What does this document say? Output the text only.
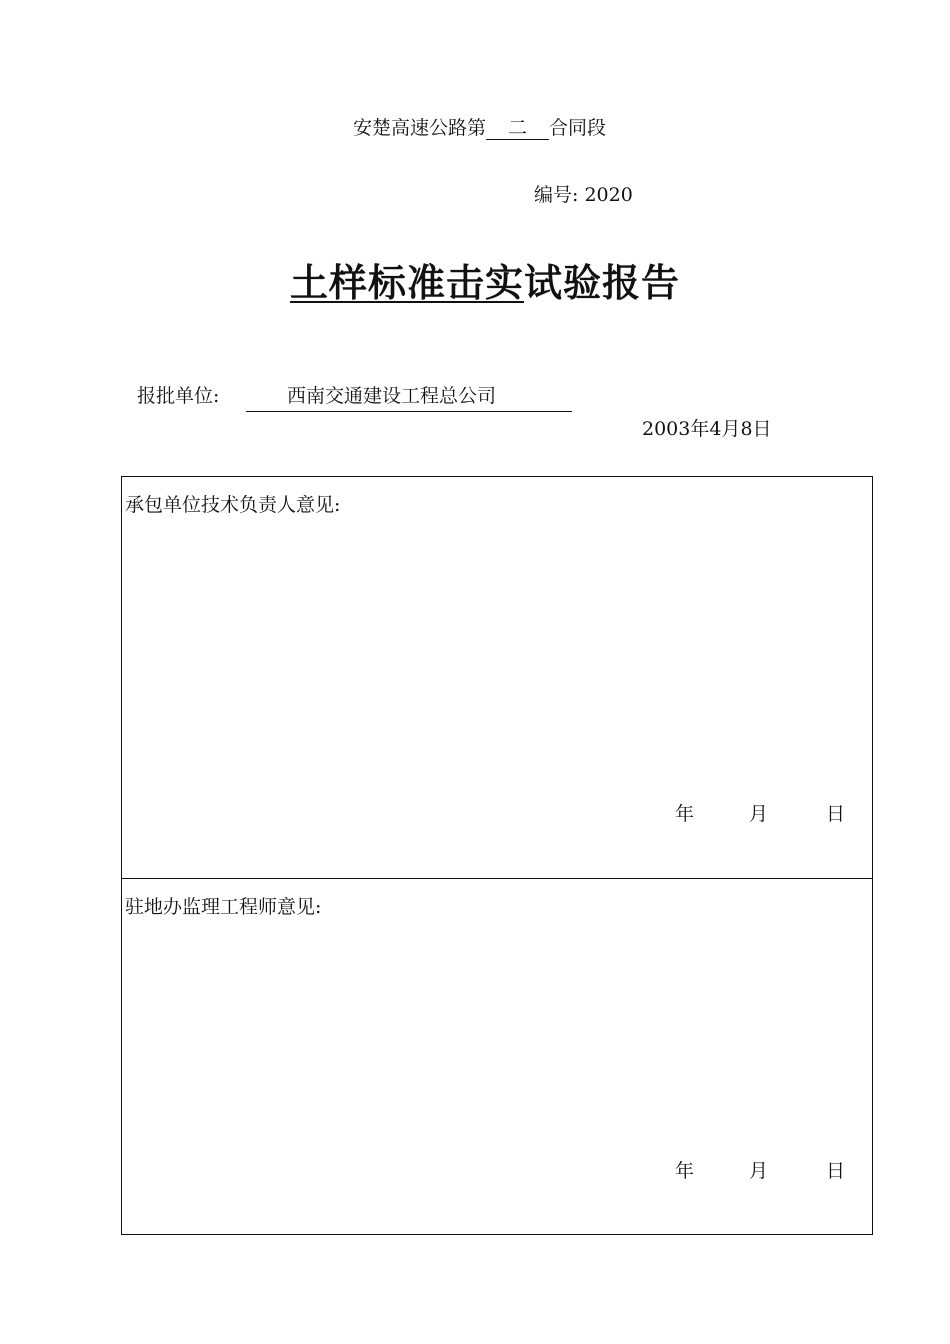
安楚高速公路第 二 合同段
编号: 2020
土样标准击实试验报告
报批单位:	西南交通建设工程总公司
2003年4月8日
承包单位技术负责人意见:
年	月	日
驻地办监理工程师意见:
年	月	日
